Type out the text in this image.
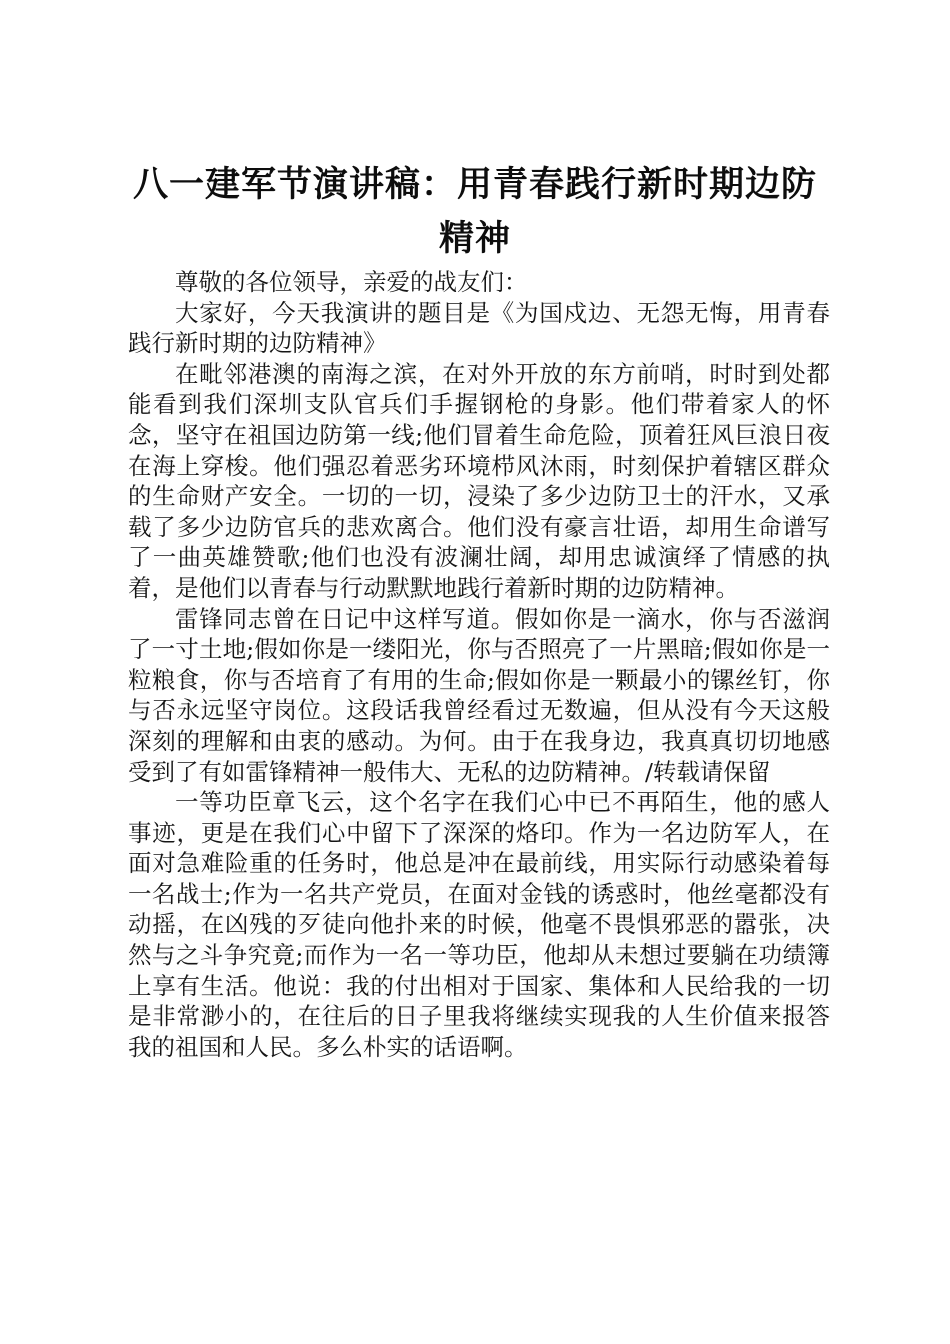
八一建军节演讲稿：用青春践行新时期边防精神

尊敬的各位领导，亲爱的战友们：

大家好，今天我演讲的题目是《为国戍边、无怨无悔，用青春践行新时期的边防精神》

在毗邻港澳的南海之滨，在对外开放的东方前哨，时时到处都能看到我们深圳支队官兵们手握钢枪的身影。他们带着家人的怀念，坚守在祖国边防第一线;他们冒着生命危险，顶着狂风巨浪日夜在海上穿梭。他们强忍着恶劣环境栉风沐雨，时刻保护着辖区群众的生命财产安全。一切的一切，浸染了多少边防卫士的汗水，又承载了多少边防官兵的悲欢离合。他们没有豪言壮语，却用生命谱写了一曲英雄赞歌;他们也没有波澜壮阔，却用忠诚演绎了情感的执着，是他们以青春与行动默默地践行着新时期的边防精神。

雷锋同志曾在日记中这样写道。假如你是一滴水，你与否滋润了一寸土地;假如你是一缕阳光，你与否照亮了一片黑暗;假如你是一粒粮食，你与否培育了有用的生命;假如你是一颗最小的镙丝钉，你与否永远坚守岗位。这段话我曾经看过无数遍，但从没有今天这般深刻的理解和由衷的感动。为何。由于在我身边，我真真切切地感受到了有如雷锋精神一般伟大、无私的边防精神。/转载请保留

一等功臣章飞云，这个名字在我们心中已不再陌生，他的感人事迹，更是在我们心中留下了深深的烙印。作为一名边防军人，在面对急难险重的任务时，他总是冲在最前线，用实际行动感染着每一名战士;作为一名共产党员，在面对金钱的诱惑时，他丝毫都没有动摇，在凶残的歹徒向他扑来的时候，他毫不畏惧邪恶的嚣张，决然与之斗争究竟;而作为一名一等功臣，他却从未想过要躺在功绩簿上享有生活。他说：我的付出相对于国家、集体和人民给我的一切是非常渺小的，在往后的日子里我将继续实现我的人生价值来报答我的祖国和人民。多么朴实的话语啊。
